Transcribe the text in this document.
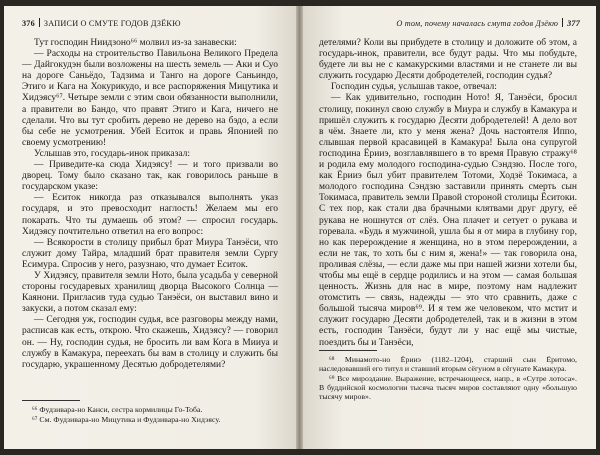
376 ЗАПИСИ О СМУТЕ ГОДОВ ДЗЁКЮ

Тут господин Ниидзоно⁶⁶ молвил из-за занавески:

— Расходы на строительство Павильона Великого Предела — Дайгокудэн были возложены на шесть земель — Аки и Суо на дороге Саньёдо, Тадзима и Танго на дороге Саньиндо, Этиго и Кага на Хокурикудо, и все распоряжения Мицутика и Хидэясу⁶⁷. Четыре земли с этим свои обязанности выполнили, а правители во Бандо, что правят Этиго и Кага, ничего не сделали. Что вы тут сробить дерево не дерево на бэдо, а если бы себе не усмотрения. Убей Еситок и правь Японией по своему усмотрению!

Услышав это, государь-инок приказал:

— Приведите-ка сюда Хидэясу! — и того призвали во дворец. Тому было сказано так, как говорилось раньше в государском указе:

— Еситок никогда раз отказывался выполнять указ государя, и это превосходит наглость! Желаем мы его покарать. Что ты думаешь об этом? — спросил государь. Хидэясу почтительно ответил на его вопрос:

— Всякорости в столицу прибыл брат Миура Танэёси, что служит дому Тайра, младший брат правителя земли Сургу Есимура. Спросив у него, разузнаю, что думает Еситок.

У Хидэясу, правителя земли Ното, была усадьба у северной стороны государевых хранилищ дворца Высокого Солнца — Каянони. Пригласив туда судью Танэёси, он выставил вино и закуски, а потом сказал ему:

— Сегодня уж, господин судья, все разговоры между нами, расписав как есть, открою. Что скажешь, Хидэясу? — говорил он. — Ну, господин судья, не бросить ли вам Кога в Мииуа и службу в Камакура, переехать бы вам в столицу и служить бы государю, украшенному Десятью добродетелями?

⁶⁶ Фудзивара-но Канси, сестра кормилицы Го-Toба.

⁶⁷ См. Фудзивара-но Мицутика и Фудзивара-но Хидэясу.

О том, почему началась смута годов Дзёкю 377

детелями? Коли вы прибудете в столицу и доложите об этом, а государь-инок, правители, все будут рады. Что мы побудьте, будете ли вы не с камакурскими властями и не станете ли вы служить государю Десяти добродетелей, господин судья?

Господин судья, услышав такое, отвечал:

— Как удивительно, господин Ното! Я, Танэёси, бросил столицу, покинул свою службу в Миура и службу в Камакура и пришёл служить к государю Десяти добродетелей! А дело вот в чём. Знаете ли, кто у меня жена? Дочь настоятеля Иппо, слывшая первой красавицей в Камакура! Была она супругой господина Ёрииэ, возглавлявшего в то время Правую стражу⁶⁸ и родила ему молодого господина-судью Сэндзю. После того, как Ёрииэ был убит правителем Тотоми, Ходзё Токимаса, а молодого господина Сэндзю заставили принять смерть сын Токимаса, правитель земли Правой стороной столицы Ёситоки. С тех пор, как стали два брачными клятвами друг другу, её рукава не ношнутся от слёз. Она плачет и сетует о рукава и горевала. «Будь я мужчиной, ушла бы я от мира в глубину гор, но как перерождение я женщина, но в этом перерождении, а если не так, то хоть бы с ним я, жена!» — так говорила она, проливая слёзы, — если даже мы при нашей жизни хотели бы, чтобы мы ещё в сердце родились и на этом — самая большая ценность. Жизнь для нас в мире, поэтому нам надлежит отомстить — связь, надежды — это что сравнить, даже с большой тысяча миров⁶⁹. И я тем же человеком, что мстит и служит государю Десяти добродетелей, так и в жизни в этом есть, господин Танэёси, будут ли у нас ещё мы чистые, поездить бы и Танэёси,

⁶⁸ Минамото-но Ёрииэ (1182–1204), старший сын Ёритомо, наследовавший его титул и ставший вторым сёгуном в сёгунате Камакура.

⁶⁹ Все мироздание. Выражение, встречающееся, напр., в «Сутре лотоса». В буддийской космологии тысяча тысяч миров составляют одну «большую тысячу миров».
